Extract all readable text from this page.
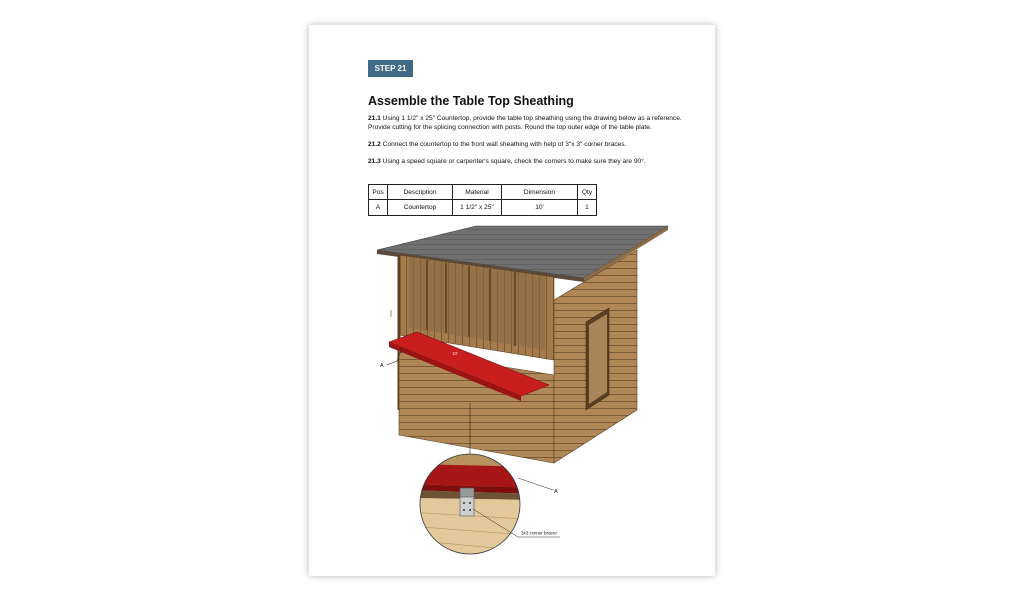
STEP 21
Assemble the Table Top Sheathing

21.1 Using 1 1/2" x 25" Countertop, provide the table top sheathing using the drawing below as a reference. Provide cutting for the splicing connection with posts. Round the top outer edge of the table plate.

21.2 Connect the countertop to the front wall sheathing with help of 3"x 3" corner braces.

21.3 Using a speed square or carpenter's square, check the corners to make sure they are 90°.

Pos	Description	Material	Dimension	Qty
A	Countertop	1 1/2" x 25"	10'	1
10'
A
A
3x3 corner bracer
